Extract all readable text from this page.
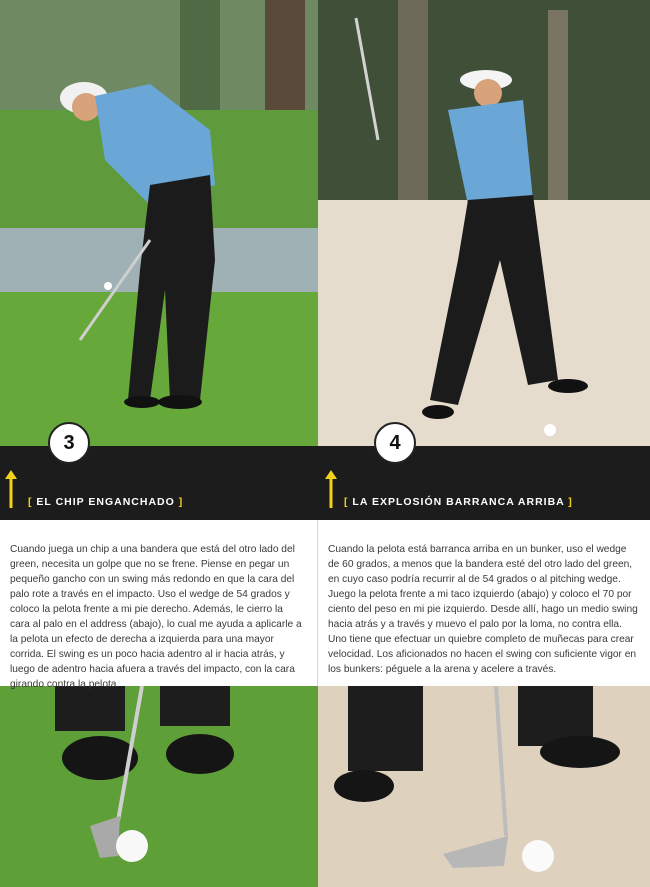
3	4
[ EL CHIP ENGANCHADO ]	[ LA EXPLOSIÓN BARRANCA ARRIBA ]

Cuando juega un chip a una bandera que está del otro lado del green, necesita un golpe que no se frene. Piense en pegar un pequeño gancho con un swing más redondo en que la cara del palo rote a través en el impacto. Uso el wedge de 54 grados y coloco la pelota frente a mi pie derecho. Además, le cierro la cara al palo en el address (abajo), lo cual me ayuda a aplicarle a la pelota un efecto de derecha a izquierda para una mayor corrida. El swing es un poco hacia adentro al ir hacia atrás, y luego de adentro hacia afuera a través del impacto, con la cara girando contra la pelota.

Cuando la pelota está barranca arriba en un bunker, uso el wedge de 60 grados, a menos que la bandera esté del otro lado del green, en cuyo caso podría recurrir al de 54 grados o al pitching wedge. Juego la pelota frente a mi taco izquierdo (abajo) y coloco el 70 por ciento del peso en mi pie izquierdo. Desde allí, hago un medio swing hacia atrás y a través y muevo el palo por la loma, no contra ella. Uno tiene que efectuar un quiebre completo de muñecas para crear velocidad. Los aficionados no hacen el swing con suficiente vigor en los bunkers: péguele a la arena y acelere a través.
